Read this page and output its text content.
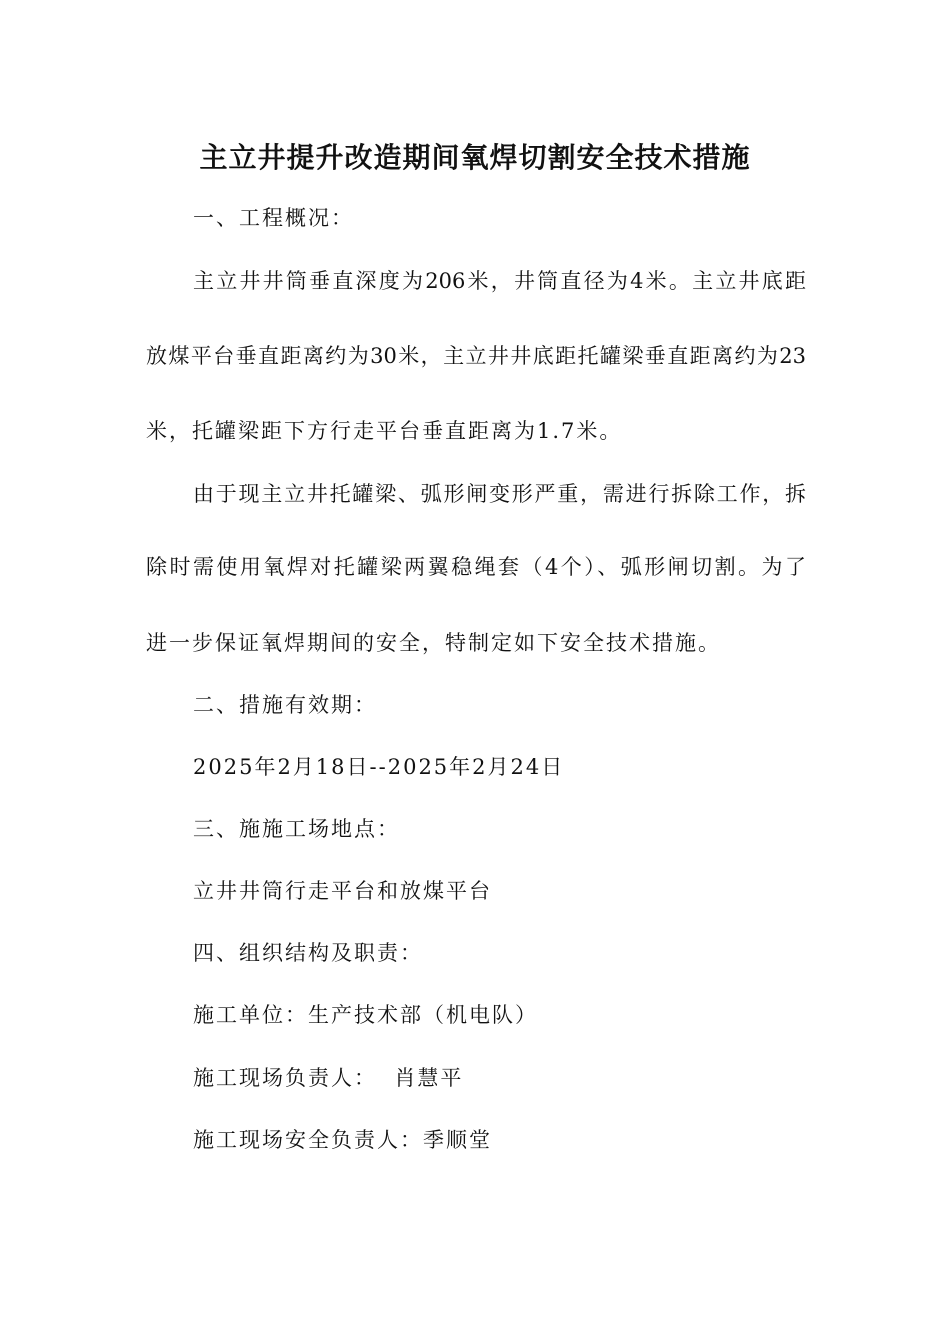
主立井提升改造期间氧焊切割安全技术措施
一、工程概况：
主立井井筒垂直深度为206米，井筒直径为4米。主立井底距
放煤平台垂直距离约为30米，主立井井底距托罐梁垂直距离约为23
米，托罐梁距下方行走平台垂直距离为1.7米。
由于现主立井托罐梁、弧形闸变形严重，需进行拆除工作，拆
除时需使用氧焊对托罐梁两翼稳绳套（4个）、弧形闸切割。为了
进一步保证氧焊期间的安全，特制定如下安全技术措施。
二、措施有效期：
2025年2月18日--2025年2月24日
三、施施工场地点：
立井井筒行走平台和放煤平台
四、组织结构及职责：
施工单位：生产技术部（机电队）
施工现场负责人：  肖慧平
施工现场安全负责人：季顺堂
